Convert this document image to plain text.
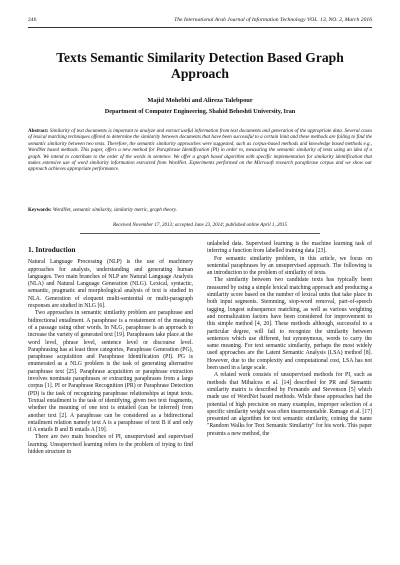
246	The International Arab Journal of Information Technology VOL. 13, NO. 2, March 2016
Texts Semantic Similarity Detection Based Graph Approach
Majid Mohebbi and Alireza Talebpour
Department of Computer Engineering, Shahid Beheshti University, Iran
Abstract: Similarity of text documents is important to analyze and extract useful information from text documents and generation of the appropriate data. Several cases of lexical matching techniques offered to determine the similarity between documents that have been successful to a certain limit and these methods are failing to find the semantic similarity between two texts. Therefore, the semantic similarity approaches were suggested, such as corpus-based methods and knowledge based methods e.g., WordNet based methods. This paper, offers a new method for Paraphrase Identification (PI) in order to, measuring the semantic similarity of texts using an idea of a graph. We intend to contribute to the order of the words in sentence. We offer a graph based algorithm with specific implementation for similarity identification that makes extensive use of word similarity information extracted from WordNet. Experiments performed on the Microsoft research paraphrase corpus and we show our approach achieves appropriate performance.
Keywords: WordNet, semantic similarity, similarity metric, graph theory.
Received November 17, 2013; accepted June 23, 2014; published online April 1, 2015
1. Introduction

Natural Language Processing (NLP) is the use of machinery approaches for analysis, understanding and generating human languages. Two main branches of NLP are Natural Language Analysis (NLA) and Natural Language Generation (NLG). Lexical, syntactic, semantic, pragmatic and morphological analysis of text is studied in NLA. Generation of eloquent multi-sentential or multi-paragraph responses are studied in NLG [6].

Two approaches in semantic similarity problem are paraphrase and bidirectional entailment. A paraphrase is a restatement of the meaning of a passage using other words. In NLG, paraphrase is an approach to increase the variety of generated text [19]. Paraphrases take place at the word level, phrase level, sentence level or discourse level. Paraphrasing has at least three categories, Paraphrase Generation (PG), paraphrase acquisition and Paraphrase Identification (PI). PG is enumerated as a NLG problem is the task of generating alternative paraphrase text [25]. Paraphrase acquisition or paraphrase extraction involves nominate paraphrases or extracting paraphrases from a large corpus [1]. PI or Paraphrase Recognition (PR) or Paraphrase Detection (PD) is the task of recognizing paraphrase relationships at input texts. Textual entailment is the task of identifying, given two text fragments, whether the meaning of one text is entailed (can be inferred) from another text [2]. A paraphrase can be considered as a bidirectional entailment relation namely text A is a paraphrase of text B if and only if A entails B and B entails A [19].

There are two main branches of PI, unsupervised and supervised learning. Unsupervised learning refers to the problem of trying to find hidden structure in

unlabeled data. Supervised learning is the machine learning task of inferring a function from labelled training data [23].

For semantic similarity problem, in this article, we focus on sentential paraphrases by an unsupervised approach. The following is an introduction to the problem of similarity of texts.

The similarity between two candidate texts has typically been measured by using a simple lexical matching approach and producing a similarity score based on the number of lexical units that take place in both input segments. Stemming, stop-word removal, part-of-speech tagging, longest subsequence matching, as well as various weighting and normalization factors have been considered for improvement to this simple method [4, 20]. These methods although, successful to a particular degree, will fail to recognize the similarity between sentences which use different, but synonymous, words to carry the same meaning. For text semantic similarity, perhaps the most widely used approaches are the Latent Semantic Analysis (LSA) method [8]. However, due to the complexity and computational cost, LSA has not been used in a large scale.

A related work consists of unsupervised methods for PI, such as methods that Mihalcea et al. [14] described for PR and Semantic similarity matrix is described by Fernando and Stevenson [5] which made use of WordNet based methods. While these approaches had the potential of high precision on many examples, improper selection of a specific similarity weight was often insurmountable. Ramage et al. [17] presented an algorithm for text semantic similarity, coining the name "Random Walks for Text Semantic Similarity" for his work. This paper presents a new method, the
